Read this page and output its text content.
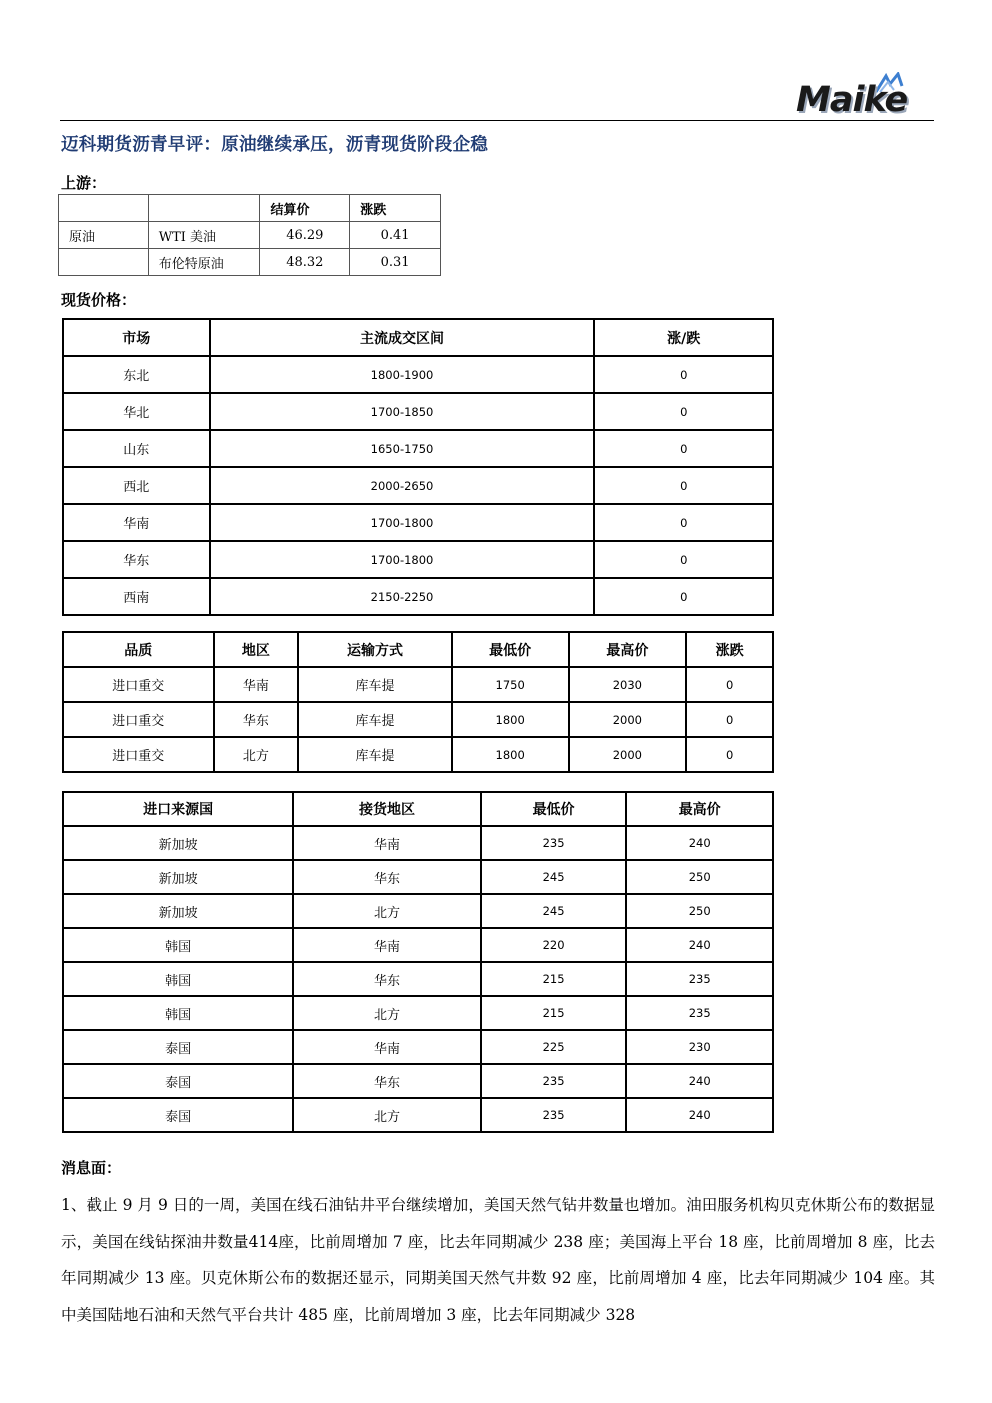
Maike
迈科期货沥青早评：原油继续承压，沥青现货阶段企稳
上游：
		结算价	涨跌
原油	WTI 美油	46.29	0.41
	布伦特原油	48.32	0.31
现货价格：
市场	主流成交区间	涨/跌
东北	1800-1900	0
华北	1700-1850	0
山东	1650-1750	0
西北	2000-2650	0
华南	1700-1800	0
华东	1700-1800	0
西南	2150-2250	0
品质	地区	运输方式	最低价	最高价	涨跌
进口重交	华南	库车提	1750	2030	0
进口重交	华东	库车提	1800	2000	0
进口重交	北方	库车提	1800	2000	0
进口来源国	接货地区	最低价	最高价
新加坡	华南	235	240
新加坡	华东	245	250
新加坡	北方	245	250
韩国	华南	220	240
韩国	华东	215	235
韩国	北方	215	235
泰国	华南	225	230
泰国	华东	235	240
泰国	北方	235	240
消息面：

1、截止 9 月 9 日的一周，美国在线石油钻井平台继续增加，美国天然气钻井数量也增加。油田服务机构贝克休斯公布的数据显示，美国在线钻探油井数量414座，比前周增加 7 座，比去年同期减少 238 座；美国海上平台 18 座，比前周增加 8 座，比去年同期减少 13 座。贝克休斯公布的数据还显示，同期美国天然气井数 92 座，比前周增加 4 座，比去年同期减少 104 座。其中美国陆地石油和天然气平台共计 485 座，比前周增加 3 座，比去年同期减少 328
